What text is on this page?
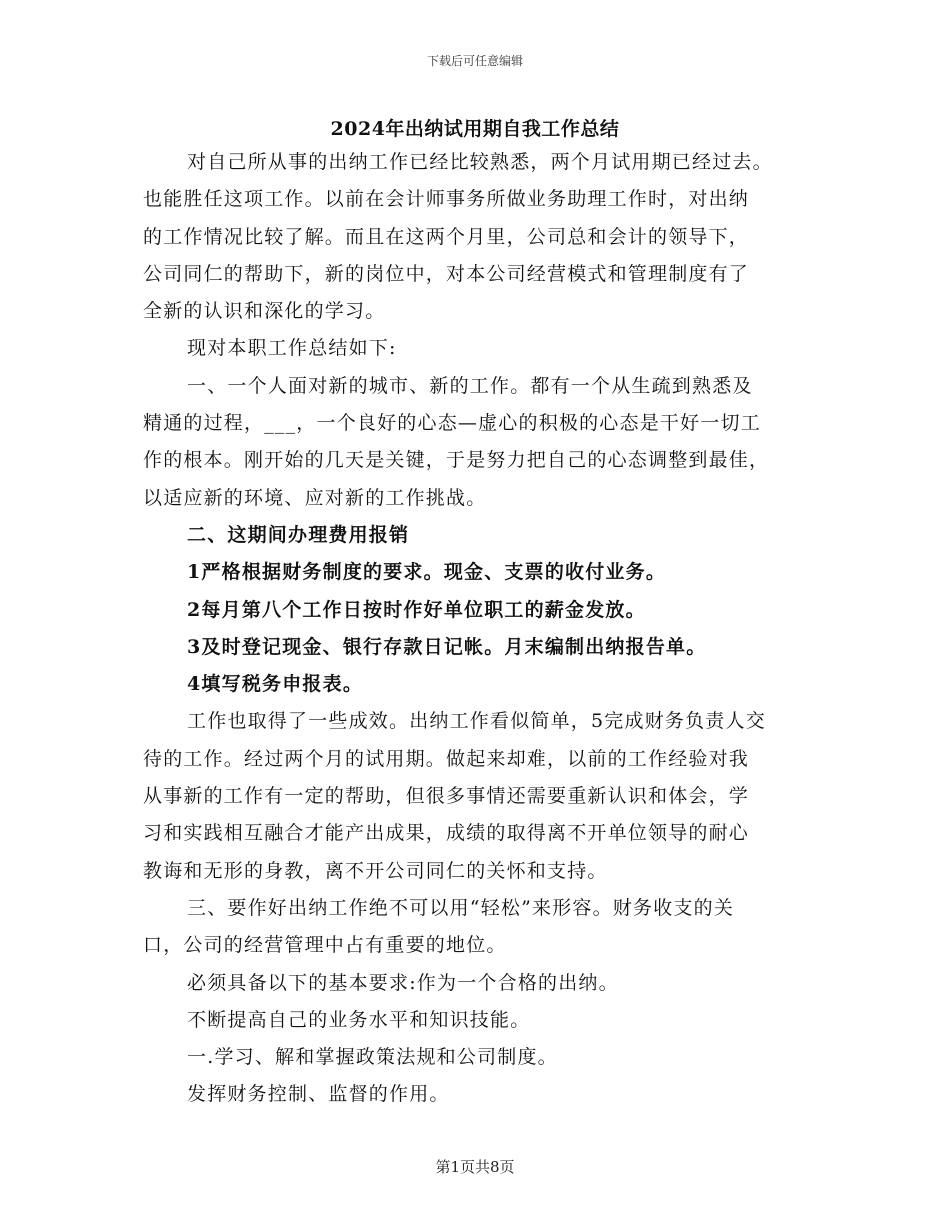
下载后可任意编辑
2024年出纳试用期自我工作总结

对自己所从事的出纳工作已经比较熟悉，两个月试用期已经过去。

也能胜任这项工作。以前在会计师事务所做业务助理工作时，对出纳

的工作情况比较了解。而且在这两个月里，公司总和会计的领导下，

公司同仁的帮助下，新的岗位中，对本公司经营模式和管理制度有了

全新的认识和深化的学习。

现对本职工作总结如下:

一、一个人面对新的城市、新的工作。都有一个从生疏到熟悉及

精通的过程，___，一个良好的心态—虚心的积极的心态是干好一切工

作的根本。刚开始的几天是关键，于是努力把自己的心态调整到最佳，

以适应新的环境、应对新的工作挑战。

二、这期间办理费用报销

1严格根据财务制度的要求。现金、支票的收付业务。

2每月第八个工作日按时作好单位职工的薪金发放。

3及时登记现金、银行存款日记帐。月末编制出纳报告单。

4填写税务申报表。

工作也取得了一些成效。出纳工作看似简单，5完成财务负责人交

待的工作。经过两个月的试用期。做起来却难，以前的工作经验对我

从事新的工作有一定的帮助，但很多事情还需要重新认识和体会，学

习和实践相互融合才能产出成果，成绩的取得离不开单位领导的耐心

教诲和无形的身教，离不开公司同仁的关怀和支持。

三、要作好出纳工作绝不可以用“轻松”来形容。财务收支的关

口，公司的经营管理中占有重要的地位。

必须具备以下的基本要求:作为一个合格的出纳。

不断提高自己的业务水平和知识技能。

一.学习、解和掌握政策法规和公司制度。

发挥财务控制、监督的作用。

第1页共8页
